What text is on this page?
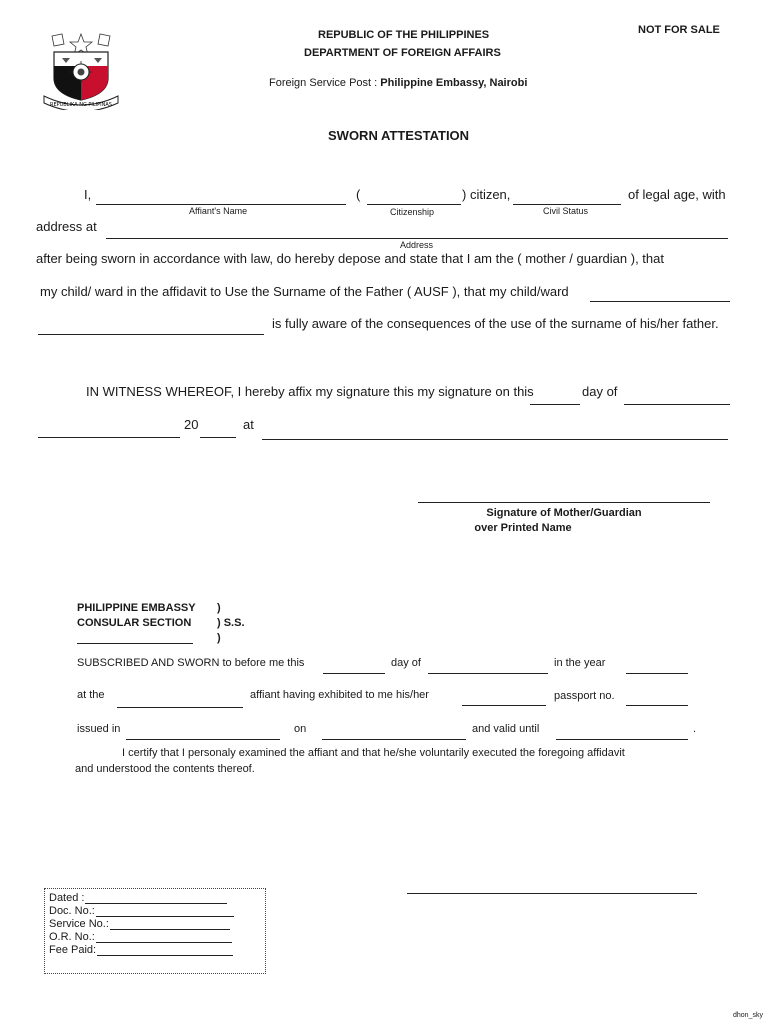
REPUBLIKA NG PILIPINAS
NOT FOR SALE
REPUBLIC OF THE PHILIPPINES
DEPARTMENT OF FOREIGN AFFAIRS
Foreign Service Post : Philippine Embassy, Nairobi
SWORN ATTESTATION
I,	(	) citizen,	of legal age, with
Affiant's Name	Citizenship	Civil Status
address at
Address
after being sworn in accordance with law, do hereby depose and state that I am the ( mother / guardian ), that
my child/ ward in the affidavit to Use the Surname of the Father ( AUSF ), that my child/ward
is fully aware of the consequences of the use of the surname of his/her father.
IN WITNESS WHEREOF, I hereby affix my signature this my signature on this	day of
20	at
Signature of Mother/Guardian
over Printed Name
PHILIPPINE EMBASSY
CONSULAR SECTION
)
) S.S.
)
SUBSCRIBED AND SWORN to before me this	day of	in the year
at the	affiant having exhibited to me his/her	passport no.
issued in	on	and valid until	.
I certify that I personaly examined the affiant and that he/she voluntarily executed the foregoing affidavit
and understood the contents thereof.
Dated :
Doc. No.:
Service No.:
O.R. No.:
Fee Paid:
dhon_sky
